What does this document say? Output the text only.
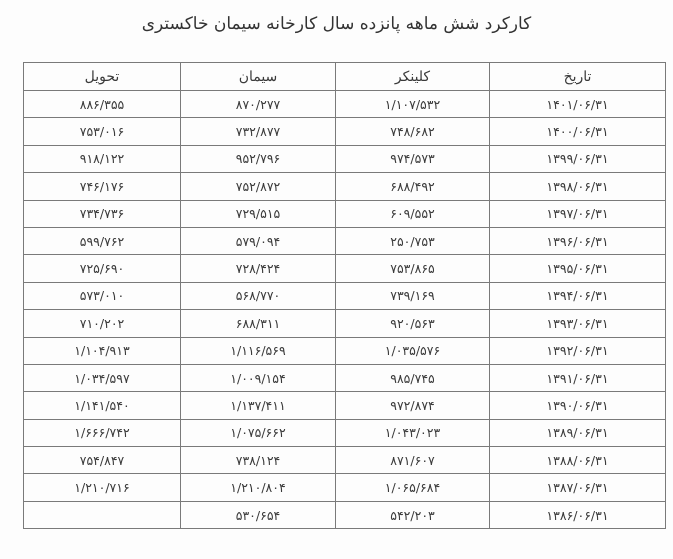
کارکرد شش ماهه پانزده سال کارخانه سیمان خاکستری
تاریخ	کلینکر	سیمان	تحویل
۱۴۰۱/۰۶/۳۱	۱/۱۰۷/۵۳۲	۸۷۰/۲۷۷	۸۸۶/۳۵۵
۱۴۰۰/۰۶/۳۱	۷۴۸/۶۸۲	۷۳۲/۸۷۷	۷۵۳/۰۱۶
۱۳۹۹/۰۶/۳۱	۹۷۴/۵۷۳	۹۵۲/۷۹۶	۹۱۸/۱۲۲
۱۳۹۸/۰۶/۳۱	۶۸۸/۴۹۲	۷۵۲/۸۷۲	۷۴۶/۱۷۶
۱۳۹۷/۰۶/۳۱	۶۰۹/۵۵۲	۷۲۹/۵۱۵	۷۳۴/۷۳۶
۱۳۹۶/۰۶/۳۱	۲۵۰/۷۵۳	۵۷۹/۰۹۴	۵۹۹/۷۶۲
۱۳۹۵/۰۶/۳۱	۷۵۳/۸۶۵	۷۲۸/۴۲۴	۷۲۵/۶۹۰
۱۳۹۴/۰۶/۳۱	۷۳۹/۱۶۹	۵۶۸/۷۷۰	۵۷۳/۰۱۰
۱۳۹۳/۰۶/۳۱	۹۲۰/۵۶۳	۶۸۸/۳۱۱	۷۱۰/۲۰۲
۱۳۹۲/۰۶/۳۱	۱/۰۳۵/۵۷۶	۱/۱۱۶/۵۶۹	۱/۱۰۴/۹۱۳
۱۳۹۱/۰۶/۳۱	۹۸۵/۷۴۵	۱/۰۰۹/۱۵۴	۱/۰۳۴/۵۹۷
۱۳۹۰/۰۶/۳۱	۹۷۲/۸۷۴	۱/۱۳۷/۴۱۱	۱/۱۴۱/۵۴۰
۱۳۸۹/۰۶/۳۱	۱/۰۴۳/۰۲۳	۱/۰۷۵/۶۶۲	۱/۶۶۶/۷۴۲
۱۳۸۸/۰۶/۳۱	۸۷۱/۶۰۷	۷۳۸/۱۲۴	۷۵۴/۸۴۷
۱۳۸۷/۰۶/۳۱	۱/۰۶۵/۶۸۴	۱/۲۱۰/۸۰۴	۱/۲۱۰/۷۱۶
۱۳۸۶/۰۶/۳۱	۵۴۲/۲۰۳	۵۳۰/۶۵۴	
